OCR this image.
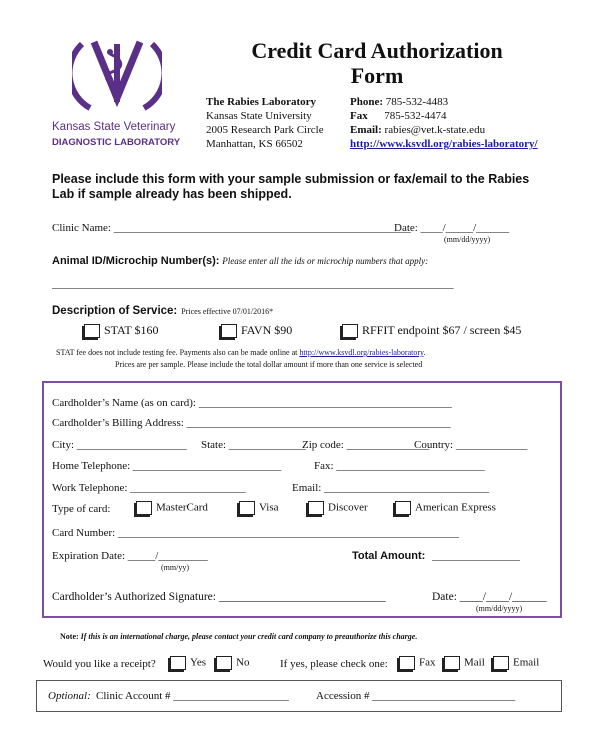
Kansas State Veterinary
DIAGNOSTIC LABORATORY
Credit Card Authorization
Form
The Rabies Laboratory
Kansas State University
2005 Research Park Circle
Manhattan, KS 66502
Phone: 785-532-4483
Fax 785-532-4474
Email: rabies@vet.k-state.edu
http://www.ksvdl.org/rabies-laboratory/
Please include this form with your sample submission or fax/email to the Rabies
Lab if sample already has been shipped.
Clinic Name: ______________________________________________________
Date: ____/_____/______
(mm/dd/yyyy)
Animal ID/Microchip Number(s): Please enter all the ids or microchip numbers that apply:
_________________________________________________________________________
Description of Service: Prices effective 07/01/2016*
STAT $160	FAVN $90	RFFIT endpoint $67 / screen $45
STAT fee does not include testing fee. Payments also can be made online at http://www.ksvdl.org/rabies-laboratory.
Prices are per sample. Please include the total dollar amount if more than one service is selected
Cardholder’s Name (as on card): ______________________________________________
Cardholder’s Billing Address: ________________________________________________
City: ____________________ State: ______________
Zip code: _______________
Country: _____________
Home Telephone: ___________________________	Fax: ___________________________
Work Telephone: _____________________	Email: ______________________________
Type of card:	MasterCard	Visa	Discover	American Express
Card Number: ______________________________________________________________
Expiration Date: _____/_________
(mm/yy)
Total Amount: ________________
Cardholder’s Authorized Signature: _____________________________	Date: ____/____/______
(mm/dd/yyyy)
Note: If this is an international charge, please contact your credit card company to preauthorize this charge.
Would you like a receipt?	Yes	No	If yes, please check one:	Fax	Mail	Email
Optional: Clinic Account # _____________________ Accession # __________________________
